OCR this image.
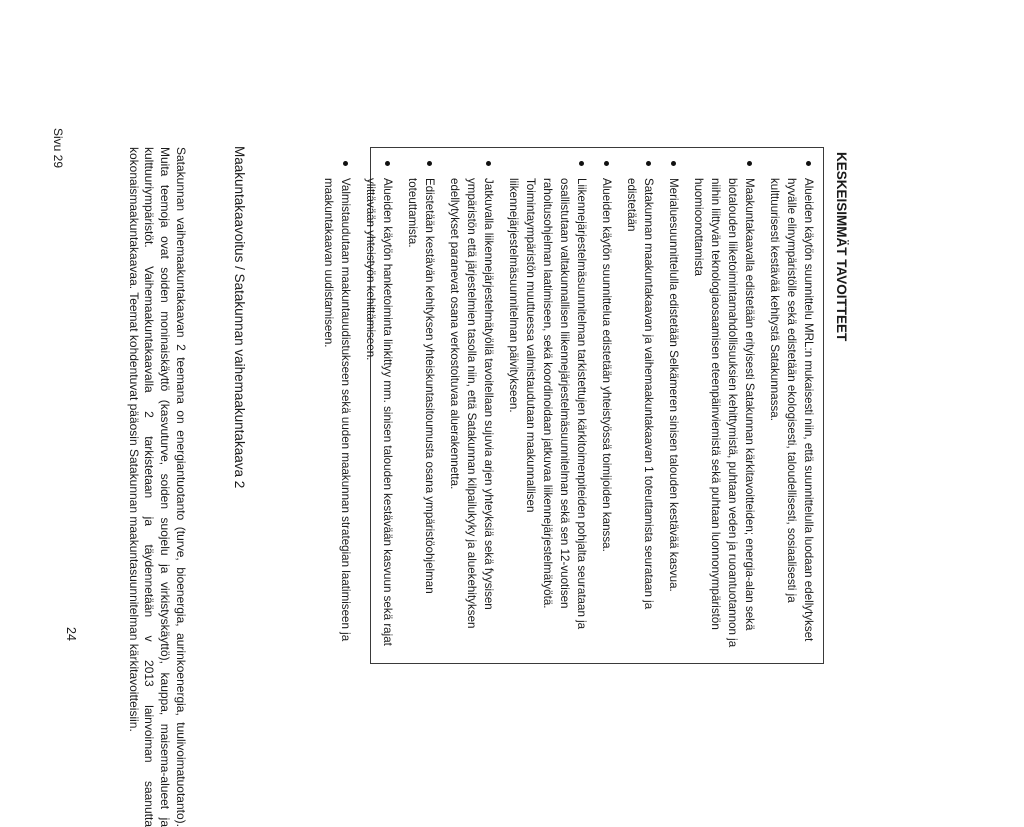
Sivu 29
KESKEISIMMÄT TAVOITTEET
Alueiden käytön suunnittelu MRL:n mukaisesti niin, että suunnittelulla luodaan edellytykset hyvälle elinympäristölle sekä edistetään ekologisesti, taloudellisesti, sosiaalisesti ja kulttuurisesti kestävää kehitystä Satakunnassa.
Maakuntakaavalla edistetään erityisesti Satakunnan kärkitavoitteiden; energia-alan sekä biotalouden liiketoimintamahdollisuuksien kehittymistä, puhtaan veden ja ruoantuotannon ja niihin liittyvän teknologiaosaamisen eteenpäinviemistä sekä puhtaan luonnonympäristön huomioonottamista
Merialuesuunnittelulla edistetään Selkämeren sinisen talouden kestävää kasvua.
Satakunnan maakuntakaavan ja vaihemaakuntakaavan 1 toteuttamista seurataan ja edistetään
Alueiden käytön suunnittelua edistetään yhteistyössä toimijoiden kanssa.
Liikennejärjestelmäsuunnitelman tarkistettujen kärkitoimenpiteiden pohjalta seurataan ja osallistutaan valtakunnallisen liikennejärjestelmäsuunnitelman sekä sen 12-vuotisen rahoitusohjelman laatimiseen, sekä koordinoidaan jatkuvaa liikennejärjestelmätyötä. Toimintaympäristön muuttuessa valmistaudutaan maakunnallisen liikennejärjestelmäsuunnitelman päivitykseen.
Jatkuvalla liikennejärjestelmätyöllä tavoitellaan sujuvia arjen yhteyksiä sekä fyysisen ympäristön että järjestelmien tasolla niin, että Satakunnan kilpailukyky ja aluekehityksen edellytykset paranevat osana verkostoituvaa aluerakennetta.
Edistetään kestävän kehityksen yhteiskuntasitoumusta osana ympäristöohjelman toteuttamista.
Alueiden käytön hanketoiminta linkittyy mm. sinisen talouden kestävään kasvuun sekä rajat ylittävään yhteistyön kehittämiseen.
Valmistaudutaan maakuntauudistukseen sekä uuden maakunnan strategian laatimiseen ja maakuntakaavan uudistamiseen.
Maakuntakaavoitus / Satakunnan vaihemaakuntakaava 2

Satakunnan vaihemaakuntakaavan 2 teemana on energiantuotanto (turve, bioenergia, aurinkoenergia, tuulivoimatuotanto). Muita teemoja ovat soiden moninaiskäyttö (kasvuturve, soiden suojelu ja virkistyskäyttö), kauppa, maisema-alueet ja kulttuuriympäristöt. Vaihemaakuntakaavalla 2 tarkistetaan ja täydennetään v 2013 lainvoiman saanutta kokonaismaakuntakaavaa. Teemat kohdentuvat pääosin Satakunnan maakuntasuunnitelman kärkitavoitteisiin.

24
